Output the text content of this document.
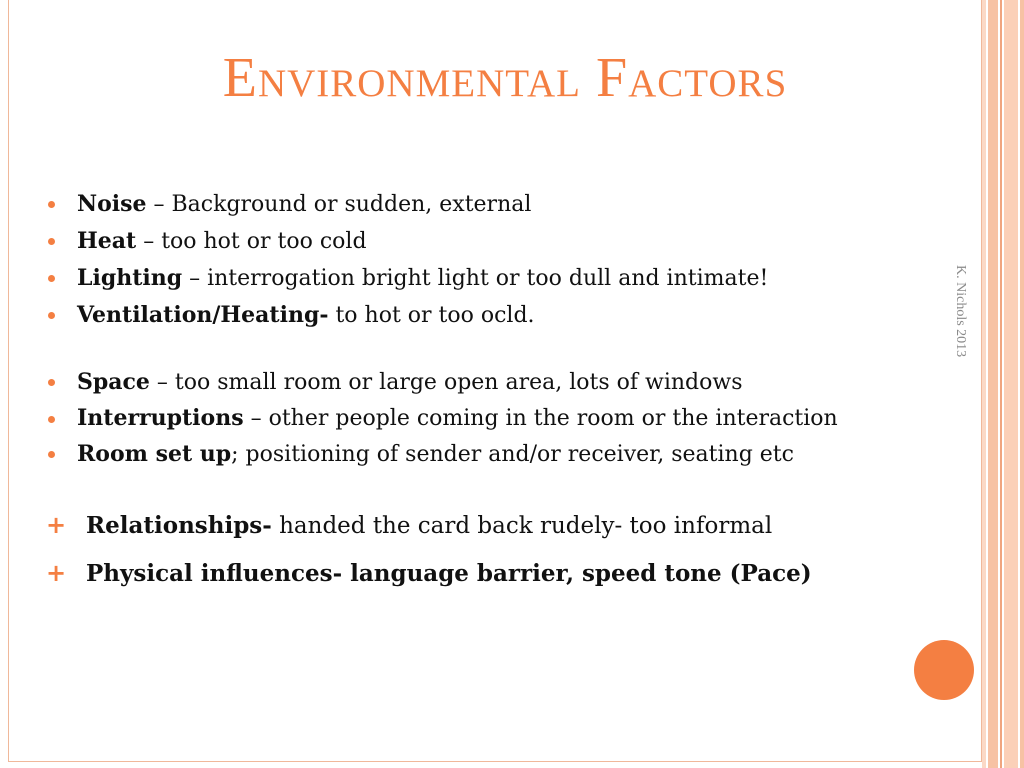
Environmental Factors
K. Nichols 2013
Noise – Background or sudden, external
Heat – too hot or too cold
Lighting – interrogation bright light or too dull and intimate!
Ventilation/Heating- to hot or too ocld.
Space – too small room or large open area, lots of windows
Interruptions – other people coming in the room or the interaction
Room set up; positioning of sender and/or receiver, seating etc
+ Relationships- handed the card back rudely- too informal
+ Physical influences- language barrier, speed tone (Pace)
